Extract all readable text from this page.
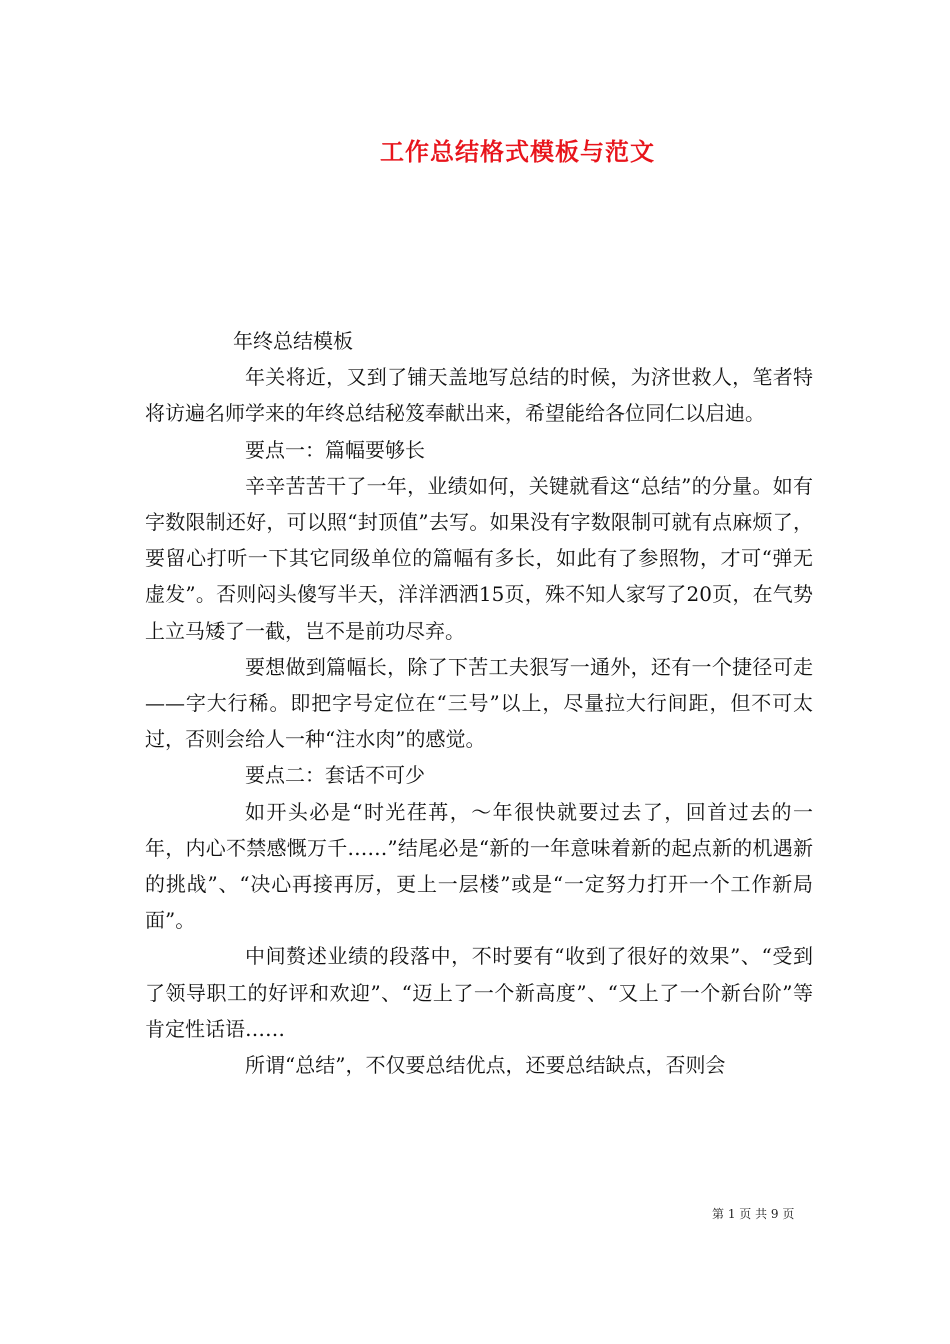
工作总结格式模板与范文

年终总结模板

年关将近，又到了铺天盖地写总结的时候，为济世救人，笔者特将访遍名师学来的年终总结秘笈奉献出来，希望能给各位同仁以启迪。

要点一：篇幅要够长

辛辛苦苦干了一年，业绩如何，关键就看这“总结”的分量。如有字数限制还好，可以照“封顶值”去写。如果没有字数限制可就有点麻烦了，要留心打听一下其它同级单位的篇幅有多长，如此有了参照物，才可“弹无虚发”。否则闷头傻写半天，洋洋洒洒15页，殊不知人家写了20页，在气势上立马矮了一截，岂不是前功尽弃。

要想做到篇幅长，除了下苦工夫狠写一通外，还有一个捷径可走——字大行稀。即把字号定位在“三号”以上，尽量拉大行间距，但不可太过，否则会给人一种“注水肉”的感觉。

要点二：套话不可少

如开头必是“时光荏苒，～年很快就要过去了，回首过去的一年，内心不禁感慨万千……”结尾必是“新的一年意味着新的起点新的机遇新的挑战”、“决心再接再厉，更上一层楼”或是“一定努力打开一个工作新局面”。

中间赘述业绩的段落中，不时要有“收到了很好的效果”、“受到了领导职工的好评和欢迎”、“迈上了一个新高度”、“又上了一个新台阶”等肯定性话语……

所谓“总结”，不仅要总结优点，还要总结缺点，否则会

第 1 页 共 9 页
